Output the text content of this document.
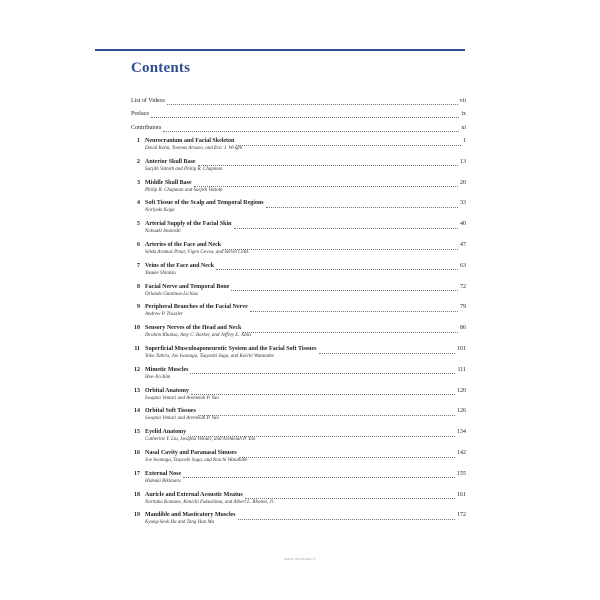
Contents
List of Videos	vii
Preface	ix
Contributors	xi
1 Neurocranium and Facial Skeleton	1
David Kohn, Toomas Arusoo, and Eric J. Wright
2 Anterior Skull Base	13
Surjith Vattoth and Philip R. Chapman
3 Middle Skull Base	20
Philip R. Chapman and Surjith Vattoth
4 Soft Tissue of the Scalp and Temporal Regions	33
Noriyuki Koga
5 Arterial Supply of the Facial Skin	40
Nobuaki Imanishi
6 Arteries of the Face and Neck	47
Selda Aramaz Pinar, Figen Govsa, and Servet Celik
7 Veins of the Face and Neck	63
Yusuke Shimizu
8 Facial Nerve and Temporal Bone	72
Orlando Guntinas-Lichius
9 Peripheral Branches of the Facial Nerve	79
Andrew P. Trussler
10 Sensory Nerves of the Head and Neck	86
Ibrahim Khansa, Amy C. Barker, and Jeffrey E. Janis
11 Superficial Musculoaponeurotic System and the Facial Soft Tissues	101
Yoko Tabira, Joe Iwanaga, Tsuyoshi Saga, and Koichi Watanabe
12 Mimetic Muscles	111
Hee-Jin Kim
13 Orbital Anatomy	120
Swapna Vemuri and Aremeiah P. Yao
14 Orbital Soft Tissues	126
Swapna Vemuri and Aremeiah P. Yao
15 Eyelid Anatomy	134
Catherine Y. Liu, Swapna Vemuri, and Aremeiah P. Yao
16 Nasal Cavity and Paranasal Sinuses	142
Joe Iwanaga, Tsuyoshi Saga, and Koichi Watanabe
17 External Nose	155
Hideaki Rikimaru
18 Auricle and External Acoustic Meatus	161
Noritaka Komune, Kenichi Fukushima, and Albert L. Rhoton, Jr.
19 Mandible and Masticatory Muscles	172
Kyung-Seok Hu and Tang Hun Mu
www.doooaac.ir
